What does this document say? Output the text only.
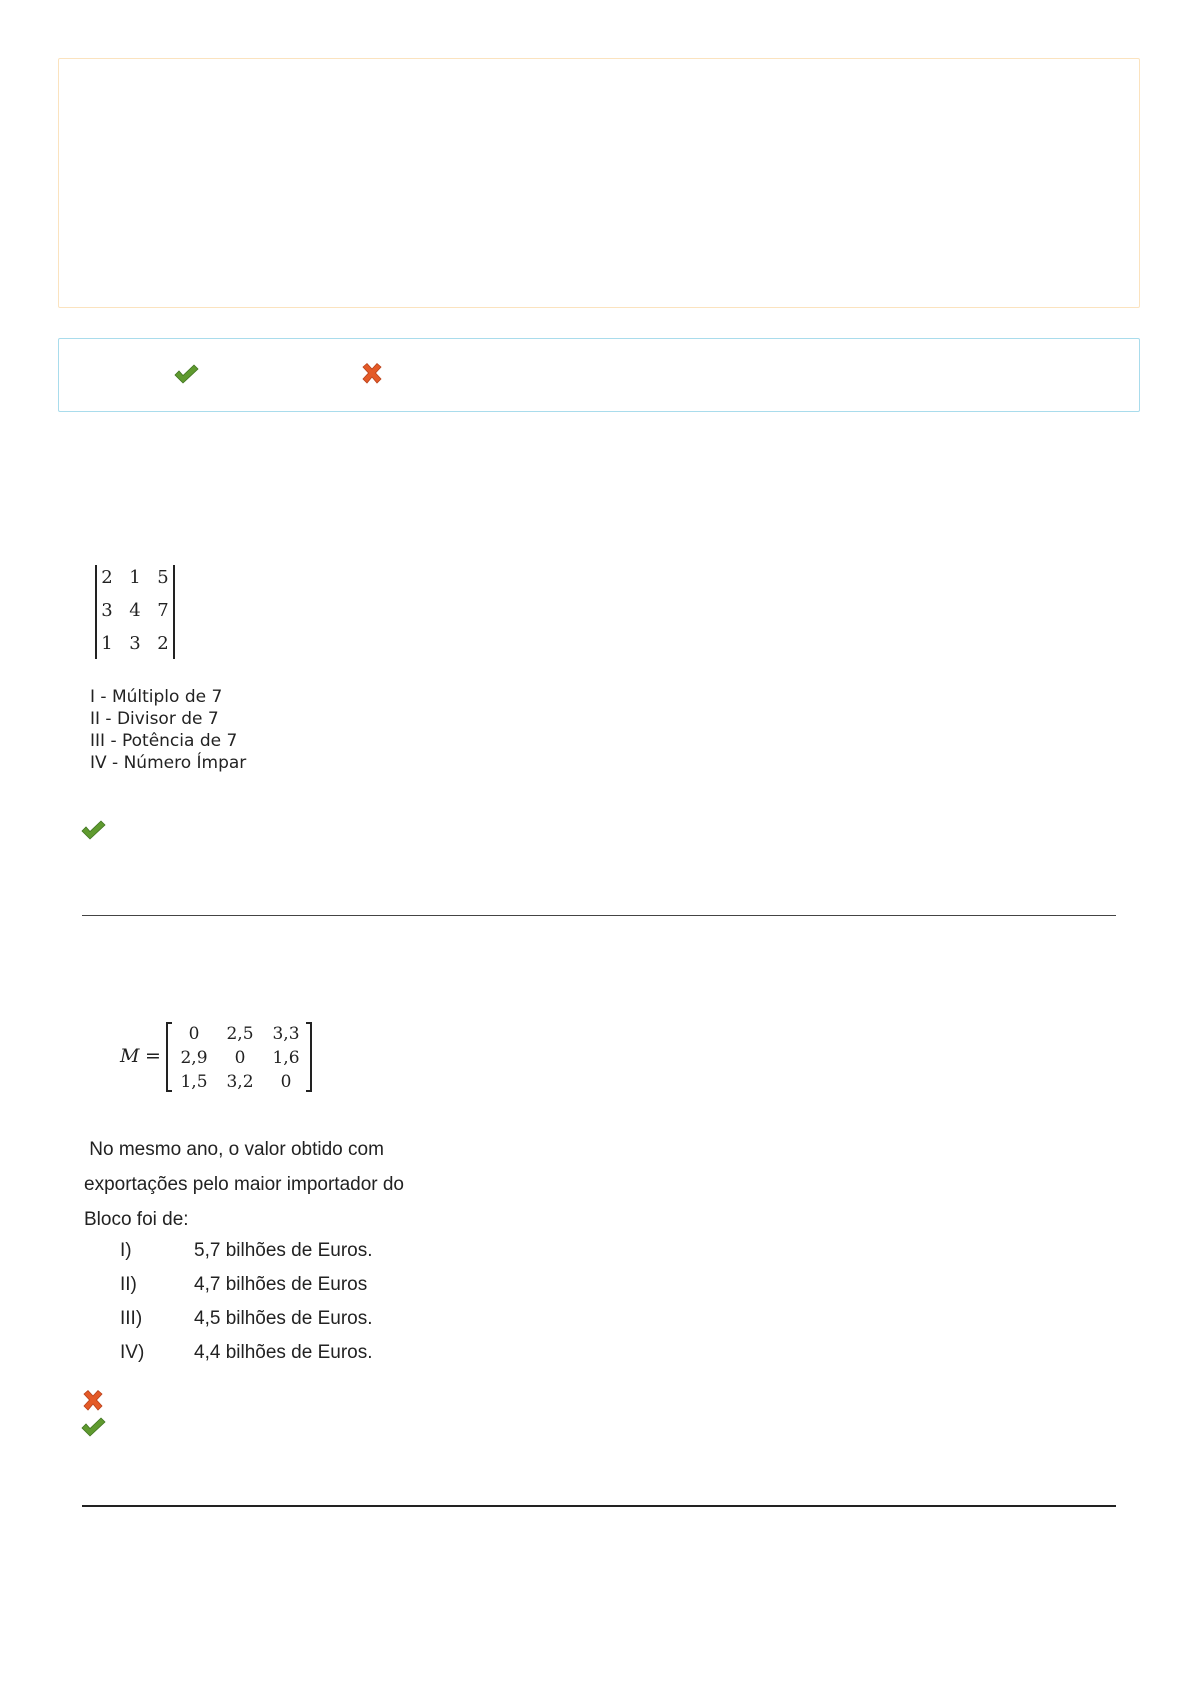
2 1 5
3 4 7
1 3 2
I - Múltiplo de 7
II - Divisor de 7
III - Potência de 7
IV - Número Ímpar
M =
0	2,5	3,3
2,9	0	1,6
1,5	3,2	0
No mesmo ano, o valor obtido com
exportações pelo maior importador do
Bloco foi de:
I)	5,7 bilhões de Euros.
II)	4,7 bilhões de Euros
III)	4,5 bilhões de Euros.
IV)	4,4 bilhões de Euros.
